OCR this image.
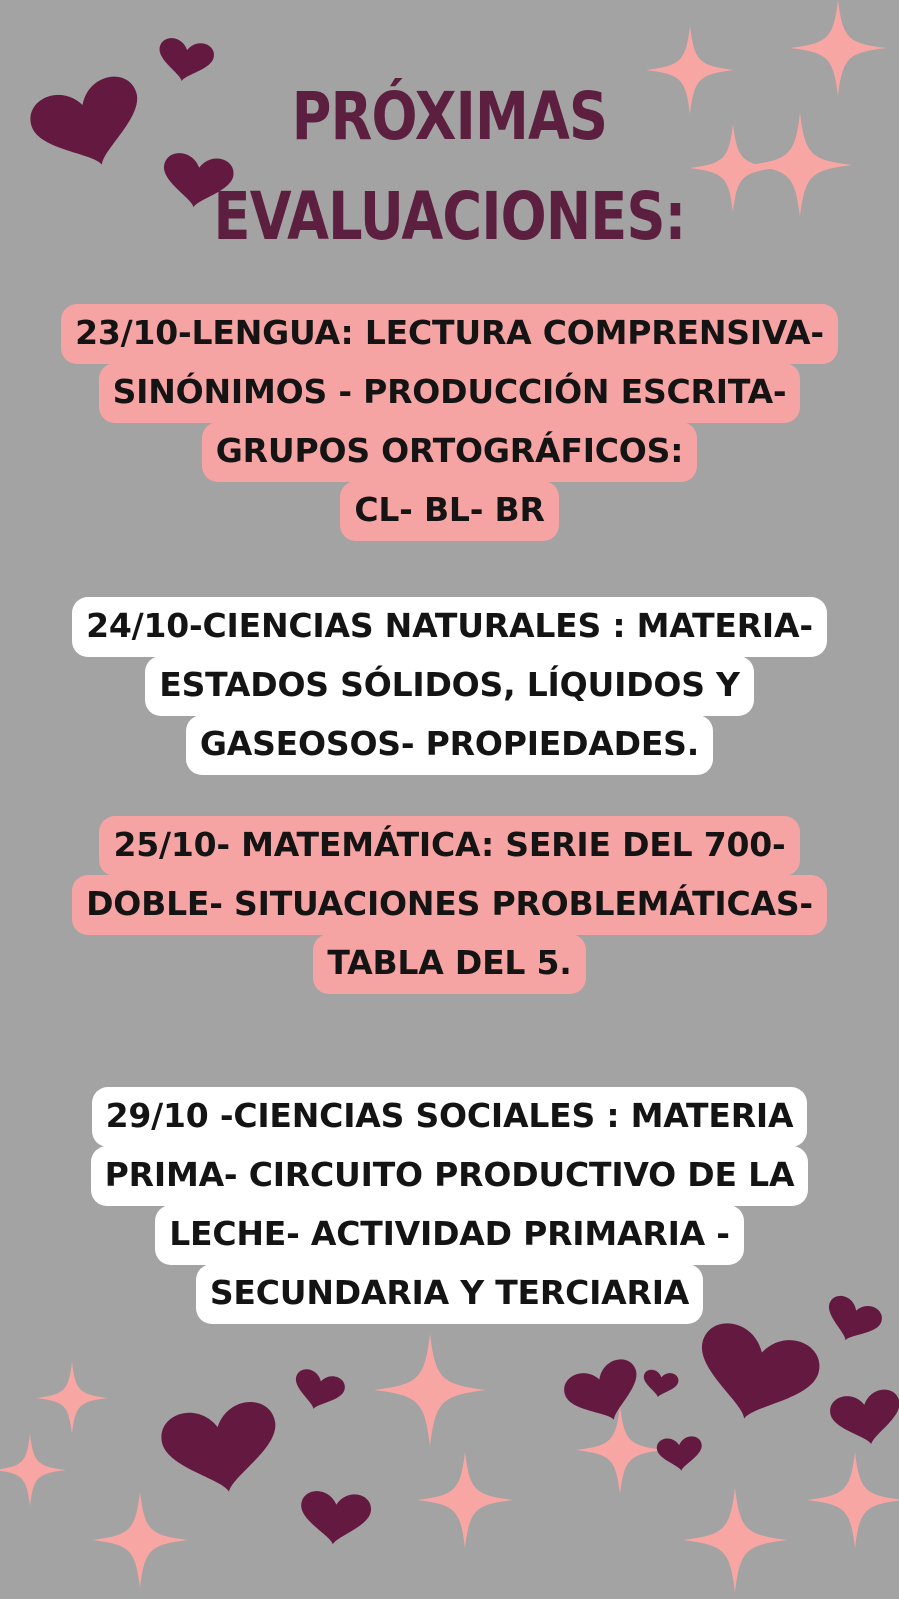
PRÓXIMAS
EVALUACIONES:
23/10-LENGUA: LECTURA COMPRENSIVA-
SINÓNIMOS - PRODUCCIÓN ESCRITA-
GRUPOS ORTOGRÁFICOS:
CL- BL- BR
24/10-CIENCIAS NATURALES : MATERIA-
ESTADOS SÓLIDOS, LÍQUIDOS Y
GASEOSOS- PROPIEDADES.
25/10- MATEMÁTICA: SERIE DEL 700-
DOBLE- SITUACIONES PROBLEMÁTICAS-
TABLA DEL 5.
29/10 -CIENCIAS SOCIALES : MATERIA
PRIMA- CIRCUITO PRODUCTIVO DE LA
LECHE- ACTIVIDAD PRIMARIA -
SECUNDARIA Y TERCIARIA
